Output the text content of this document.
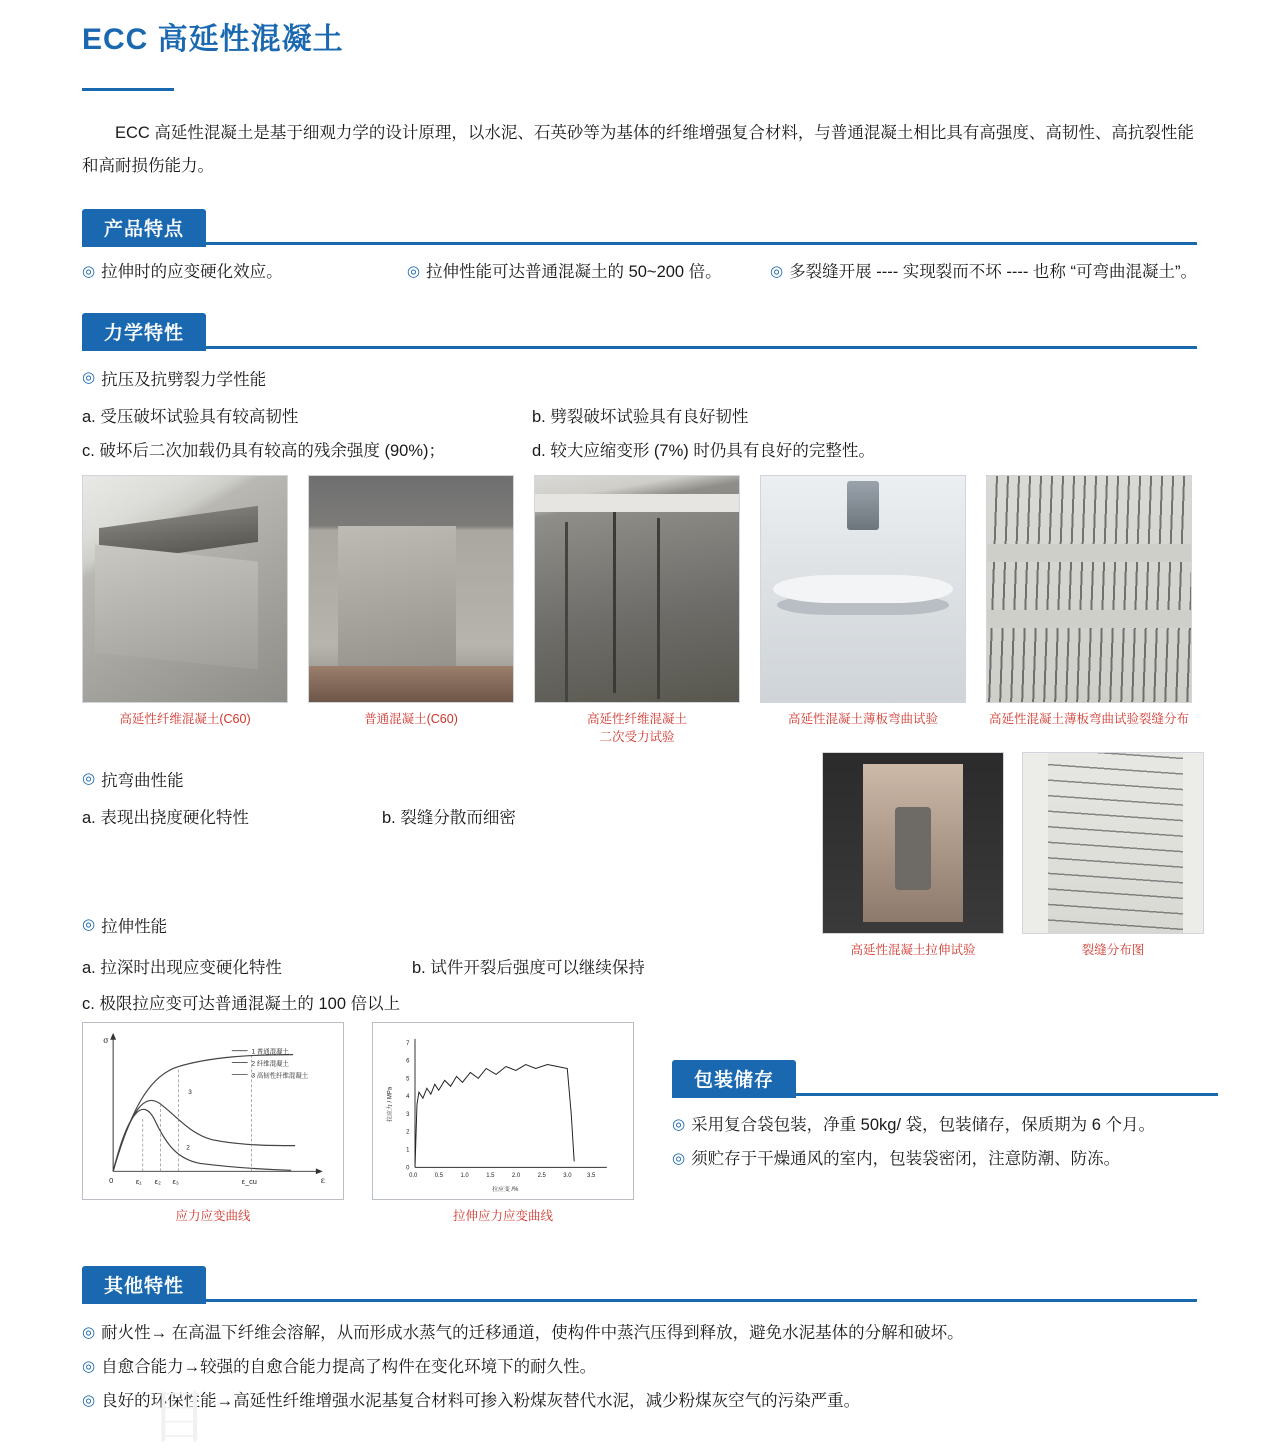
ECC 高延性混凝土

ECC 高延性混凝土是基于细观力学的设计原理，以水泥、石英砂等为基体的纤维增强复合材料，与普通混凝土相比具有高强度、高韧性、高抗裂性能和高耐损伤能力。

产品特点
◎ 拉伸时的应变硬化效应。	◎ 拉伸性能可达普通混凝土的 50~200 倍。	◎ 多裂缝开展 ---- 实现裂而不坏 ---- 也称 “可弯曲混凝土”。
力学特性
◎ 抗压及抗劈裂力学性能
a. 受压破坏试验具有较高韧性	b. 劈裂破坏试验具有良好韧性
c. 破坏后二次加载仍具有较高的残余强度 (90%)；	d. 较大应缩变形 (7%) 时仍具有良好的完整性。
高延性纤维混凝土(C60)	普通混凝土(C60)	高延性纤维混凝土
二次受力试验
高延性混凝土薄板弯曲试验	高延性混凝土薄板弯曲试验裂缝分布
◎ 抗弯曲性能
a. 表现出挠度硬化特性	b. 裂缝分散而细密
◎ 拉伸性能
a. 拉深时出现应变硬化特性	b. 试件开裂后强度可以继续保持
c. 极限拉应变可达普通混凝土的 100 倍以上
高延性混凝土拉伸试验	裂缝分布图
σ
ε
0	ε₁ ε₂ ε₃	ε_cu
1 普通混凝土
2 纤维混凝土
3 高韧性纤维混凝土
3
2
应力应变曲线
0
1
2
3
4
5
6
7
0.0	0.5	1.0	1.5	2.0	2.5	3.0	3.5
拉应力 / MPa
拉应变 /%
拉伸应力应变曲线
包装储存
◎ 采用复合袋包装，净重 50kg/ 袋，包装储存，保质期为 6 个月。
◎ 须贮存于干燥通风的室内，包装袋密闭，注意防潮、防冻。
其他特性
◎ 耐火性→ 在高温下纤维会溶解，从而形成水蒸气的迁移通道，使构件中蒸汽压得到释放，避免水泥基体的分解和破坏。
◎ 自愈合能力→较强的自愈合能力提高了构件在变化环境下的耐久性。
◎ 良好的环保性能→高延性纤维增强水泥基复合材料可掺入粉煤灰替代水泥，减少粉煤灰空气的污染严重。
目
